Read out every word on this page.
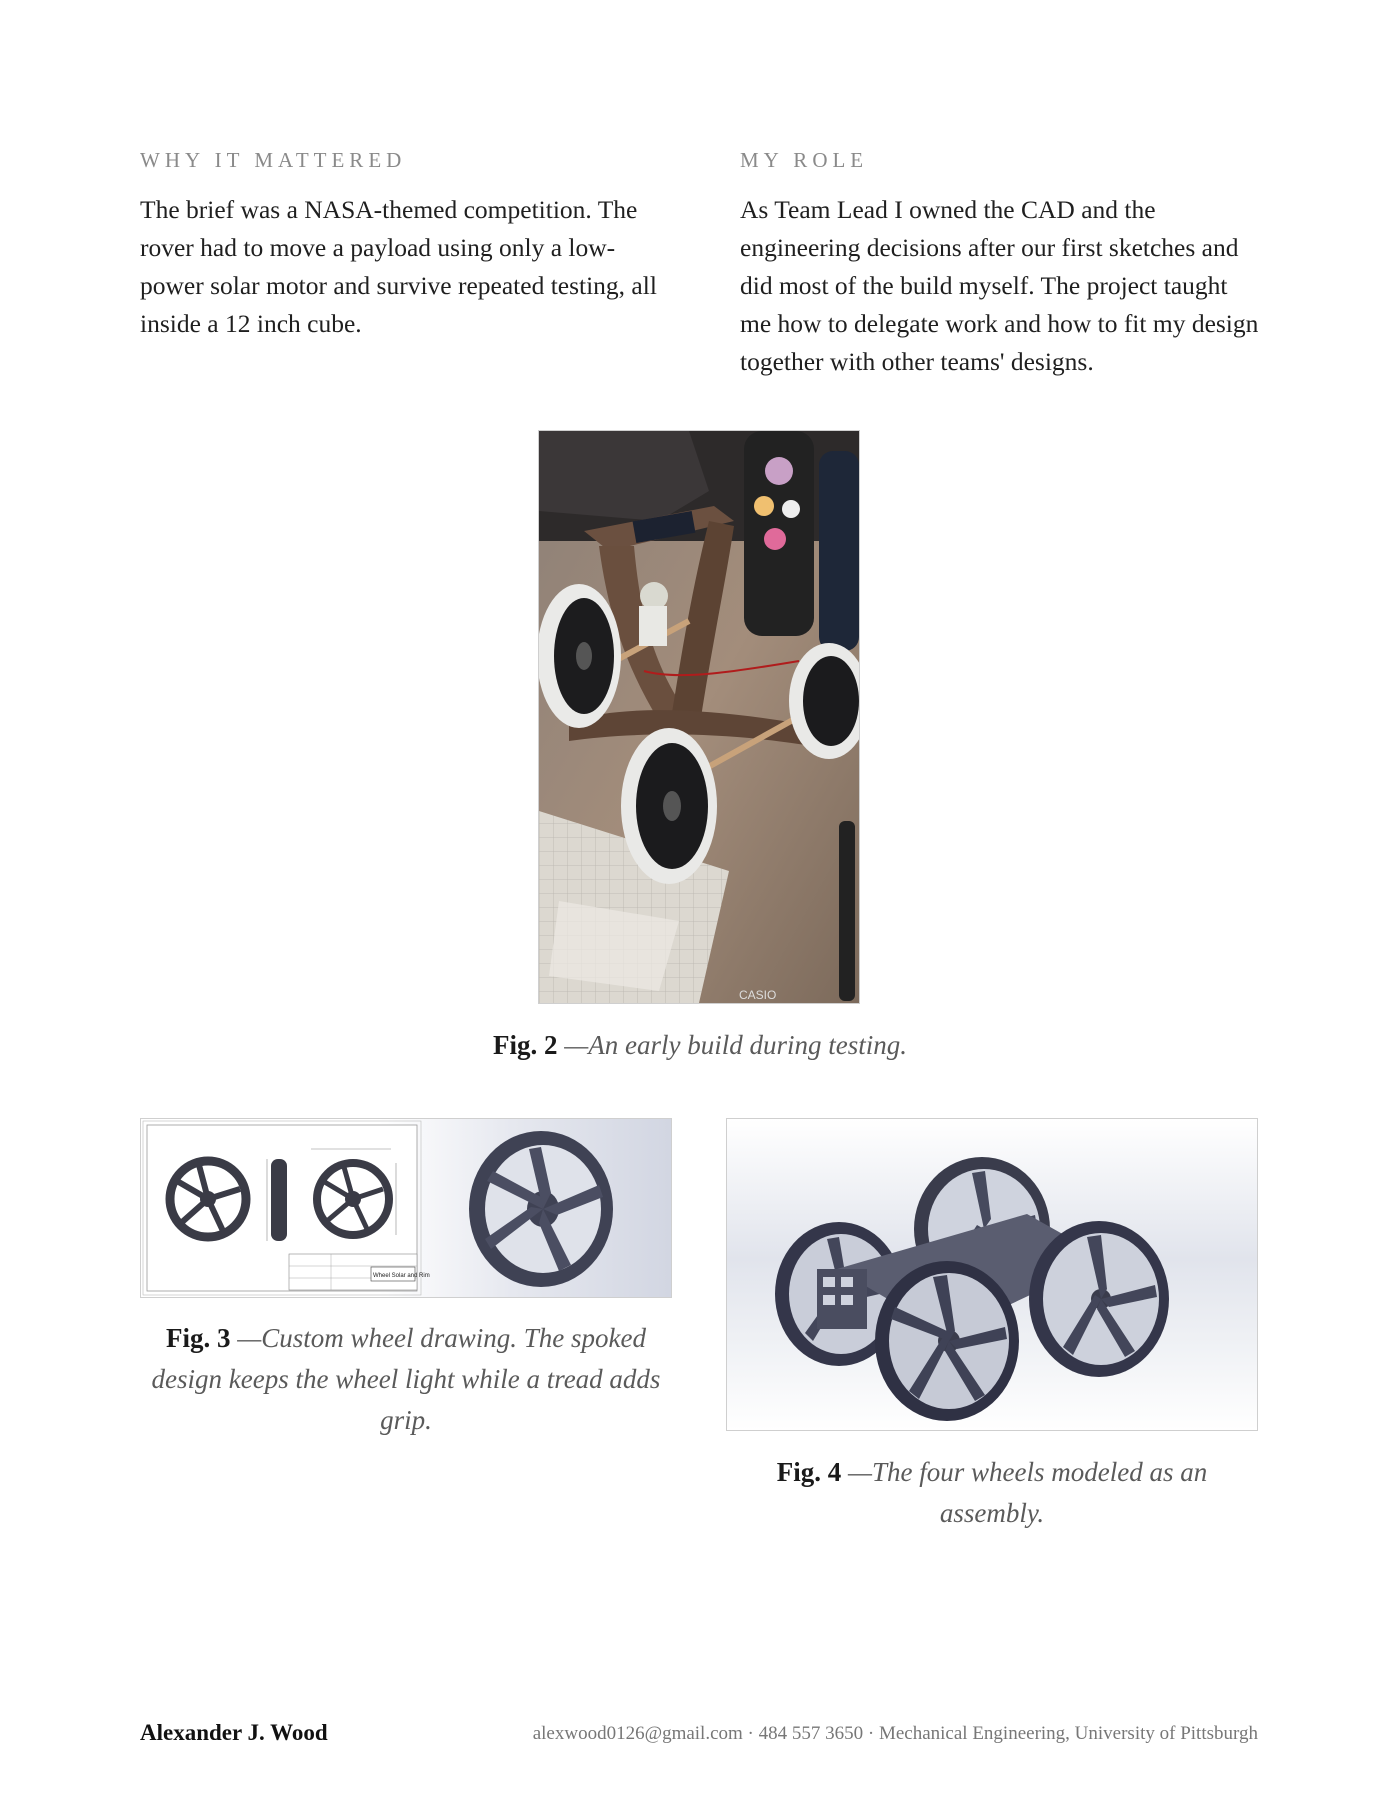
WHY IT MATTERED

The brief was a NASA-themed competition. The rover had to move a payload using only a low-power solar motor and survive repeated testing, all inside a 12 inch cube.

MY ROLE

As Team Lead I owned the CAD and the engineering decisions after our first sketches and did most of the build myself. The project taught me how to delegate work and how to fit my design together with other teams' designs.

CASIO
Fig. 2 —An early build during testing.
Wheel Solar and Rim
Fig. 3 —Custom wheel drawing. The spoked design keeps the wheel light while a tread adds grip.
Fig. 4 —The four wheels modeled as an assembly.
Alexander J. Wood	alexwood0126@gmail.com · 484 557 3650 · Mechanical Engineering, University of Pittsburgh
